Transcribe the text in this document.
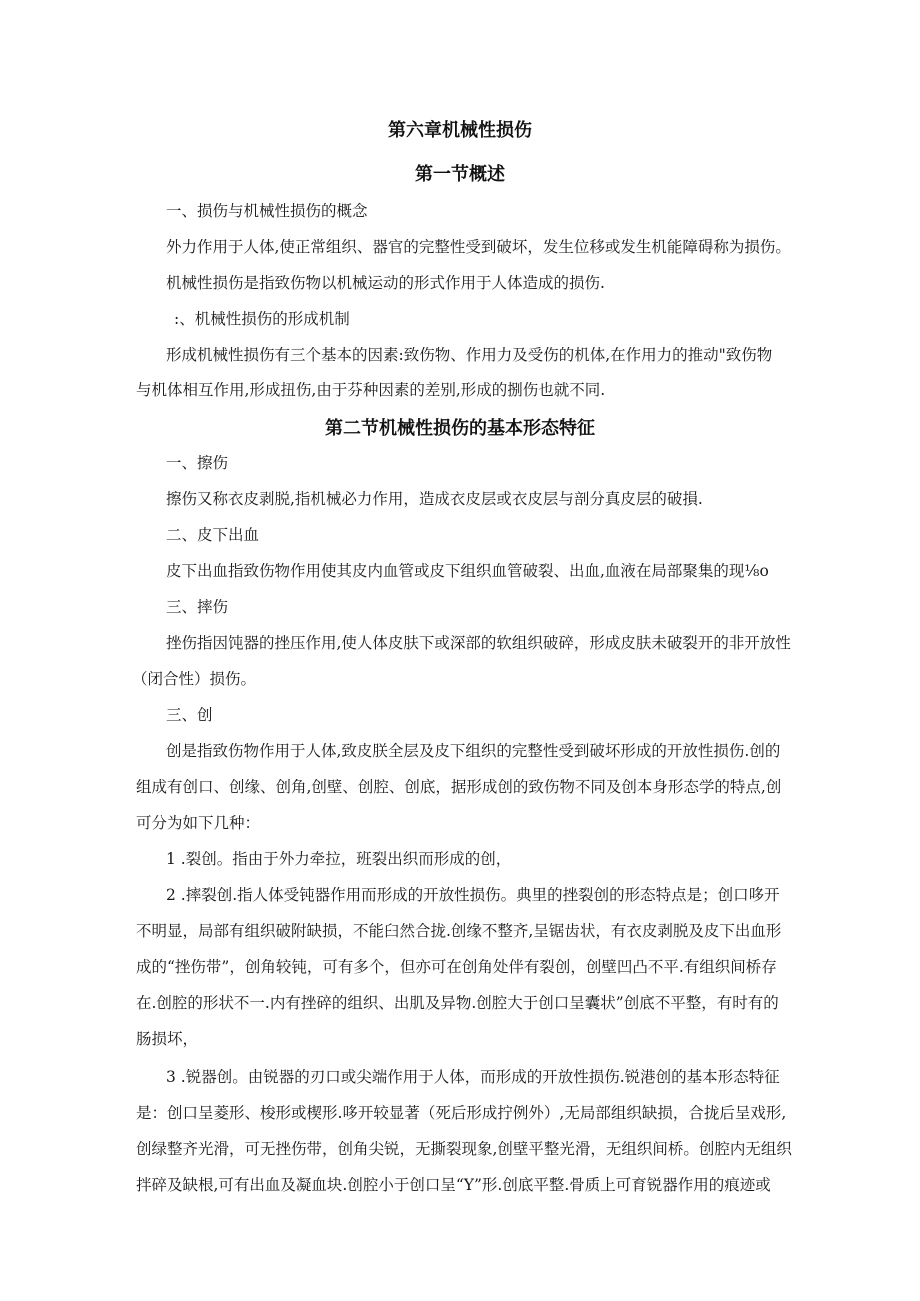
第六章机械性损伤
第一节概述
一、损伤与机械性损伤的概念
外力作用于人体,使正常组织、器官的完整性受到破坏，发生位移或发生机能障碍称为损伤。
机械性损伤是指致伤物以机械运动的形式作用于人体造成的损伤.
:、机械性损伤的形成机制
形成机械性损伤有三个基本的因素:致伤物、作用力及受伤的机体,在作用力的推动"致伤物
与机体相互作用,形成扭伤,由于芬种因素的差别,形成的捌伤也就不同.
第二节机械性损伤的基本形态特征
一、擦伤
擦伤又称衣皮剥脱,指机械必力作用，造成衣皮层或衣皮层与剖分真皮层的破損.
二、皮下出血
皮下出血指致伤物作用使其皮内血管或皮下组织血管破裂、出血,血液在局部聚集的现⅛o
三、摔伤
挫伤指因饨器的挫压作用,使人体皮肤下或深部的软组织破碎，形成皮肤未破裂开的非开放性
（闭合性）损伤。
三、创
创是指致伤物作用于人体,致皮朕全层及皮下组织的完整性受到破坏形成的开放性损伤.创的
组成有创口、创缘、创角,创壁、创腔、创底，据形成创的致伤物不同及创本身形态学的特点,创
可分为如下几种：
1 .裂创。指由于外力牵拉，班裂出织而形成的创，
2 .摔裂创.指人体受钝器作用而形成的开放性损伤。典里的挫裂创的形态特点是；创口哆开
不明显，局部有组织破附缺损，不能臼然合拢.创缘不整齐,呈锯齿状，有衣皮剥脱及皮下出血形
成的“挫伤带”，创角较钝，可有多个，但亦可在创角处伴有裂创，创壁凹凸不平.有组织间桥存
在.创腔的形状不一.内有挫碎的组织、出肌及异物.创腔大于创口呈囊状”创底不平整，有时有的
肠损坏，
3 .锐器创。由锐器的刃口或尖端作用于人体，而形成的开放性损伤.锐港创的基本形态特征
是：创口呈菱形、梭形或楔形.哆开较显著（死后形成拧例外）,无局部组织缺损，合拢后呈戏形,
创绿整齐光滑，可无挫伤带，创角尖锐，无撕裂现象,创壁平整光滑，无组织间桥。创腔内无组织
拌碎及缺根,可有出血及凝血块.创腔小于创口呈“Y”形.创底平整.骨质上可育锐器作用的痕迹或
